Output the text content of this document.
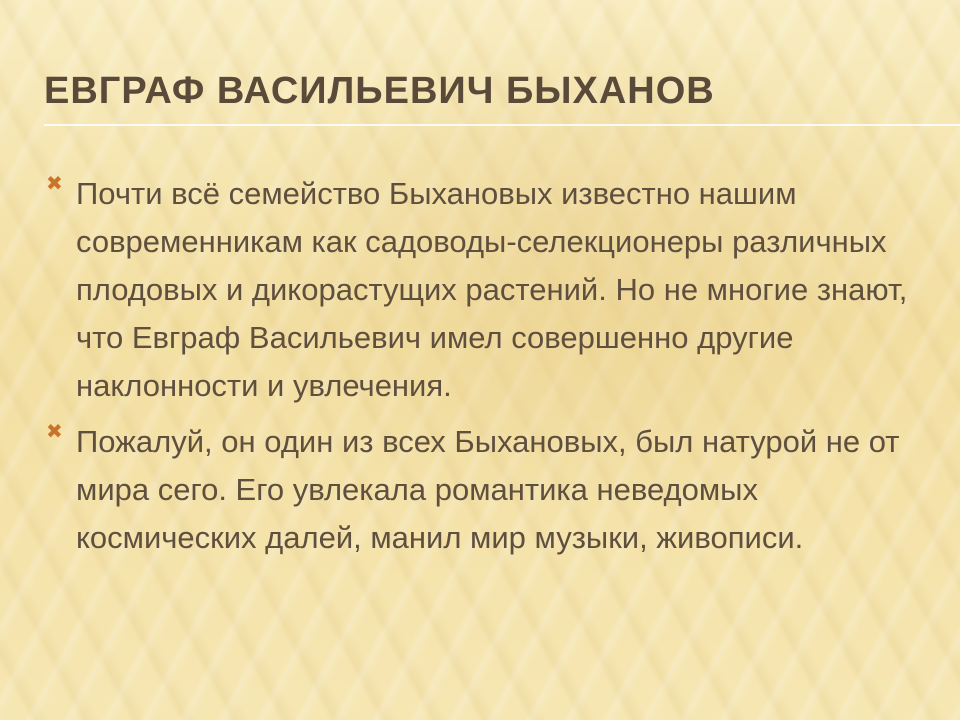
ЕВГРАФ ВАСИЛЬЕВИЧ БЫХАНОВ
✖ Почти всё семейство Быхановых известно нашим современникам как садоводы-селекционеры различных плодовых и дикорастущих растений. Но не многие знают, что Евграф Васильевич имел совершенно другие наклонности и увлечения.
✖ Пожалуй, он один из всех Быхановых, был натурой не от мира сего. Его увлекала романтика неведомых космических далей, манил мир музыки, живописи.
